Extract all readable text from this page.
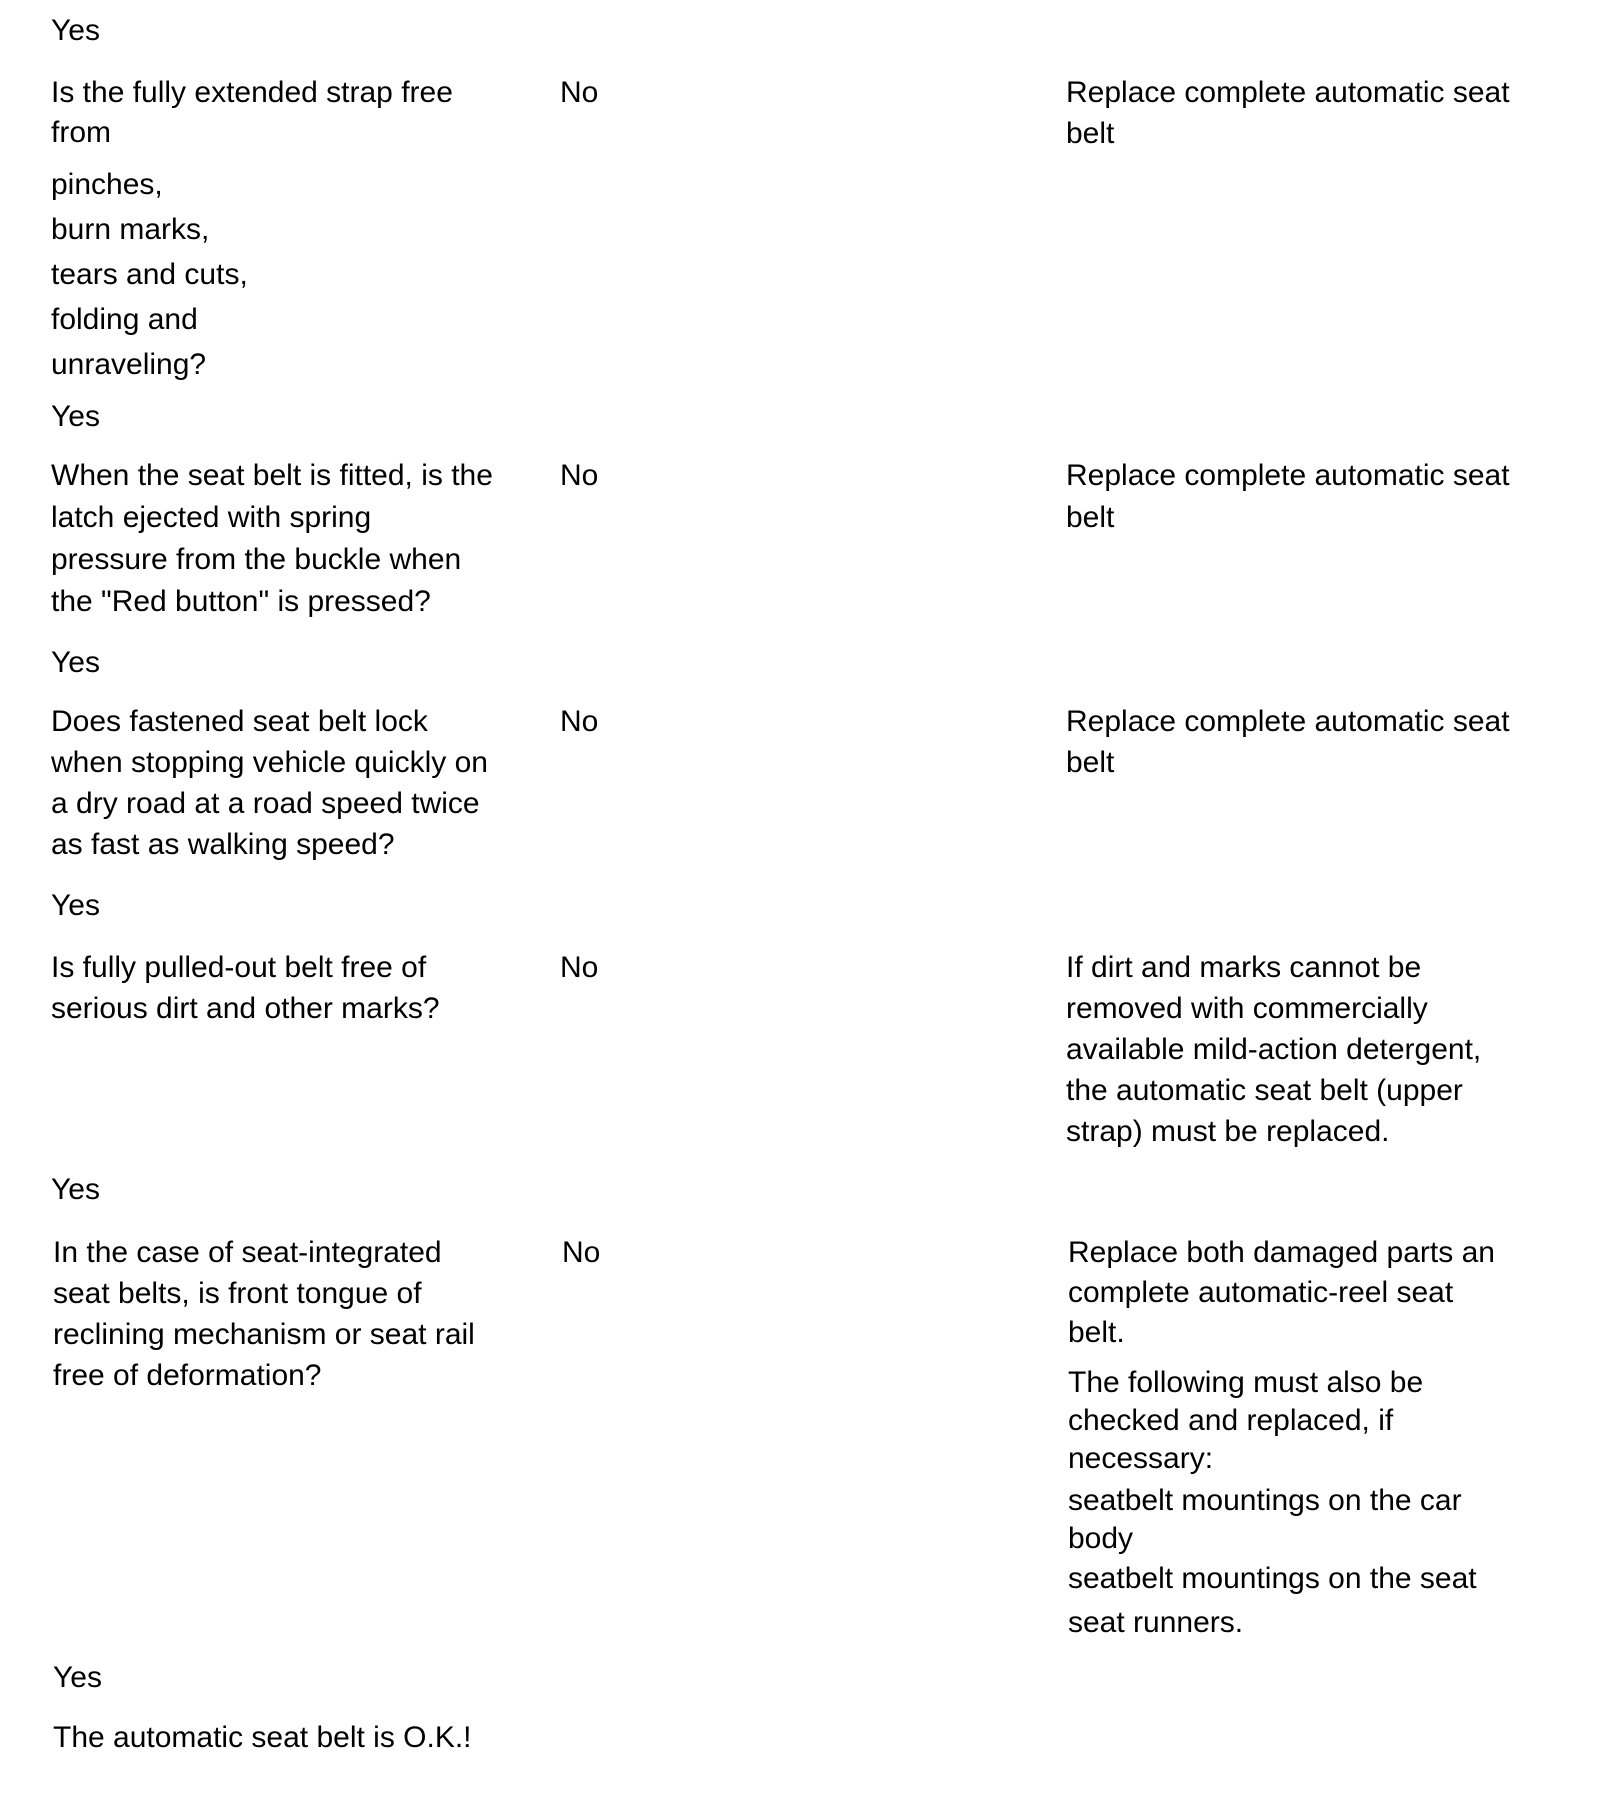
Yes

Is the fully extended strap free
from
pinches,
burn marks,
tears and cuts,
folding and
unraveling?

No	Replace complete automatic seat
belt

Yes

When the seat belt is fitted, is the
latch ejected with spring
pressure from the buckle when
the "Red button" is pressed?

No	Replace complete automatic seat
belt

Yes

Does fastened seat belt lock
when stopping vehicle quickly on
a dry road at a road speed twice
as fast as walking speed?

No	Replace complete automatic seat
belt

Yes

Is fully pulled-out belt free of
serious dirt and other marks?

No	If dirt and marks cannot be
removed with commercially
available mild-action detergent,
the automatic seat belt (upper
strap) must be replaced.

Yes

In the case of seat-integrated
seat belts, is front tongue of
reclining mechanism or seat rail
free of deformation?

No	Replace both damaged parts an
complete automatic-reel seat
belt.
The following must also be
checked and replaced, if
necessary:
seatbelt mountings on the car
body
seatbelt mountings on the seat
seat runners.

Yes

The automatic seat belt is O.K.!
